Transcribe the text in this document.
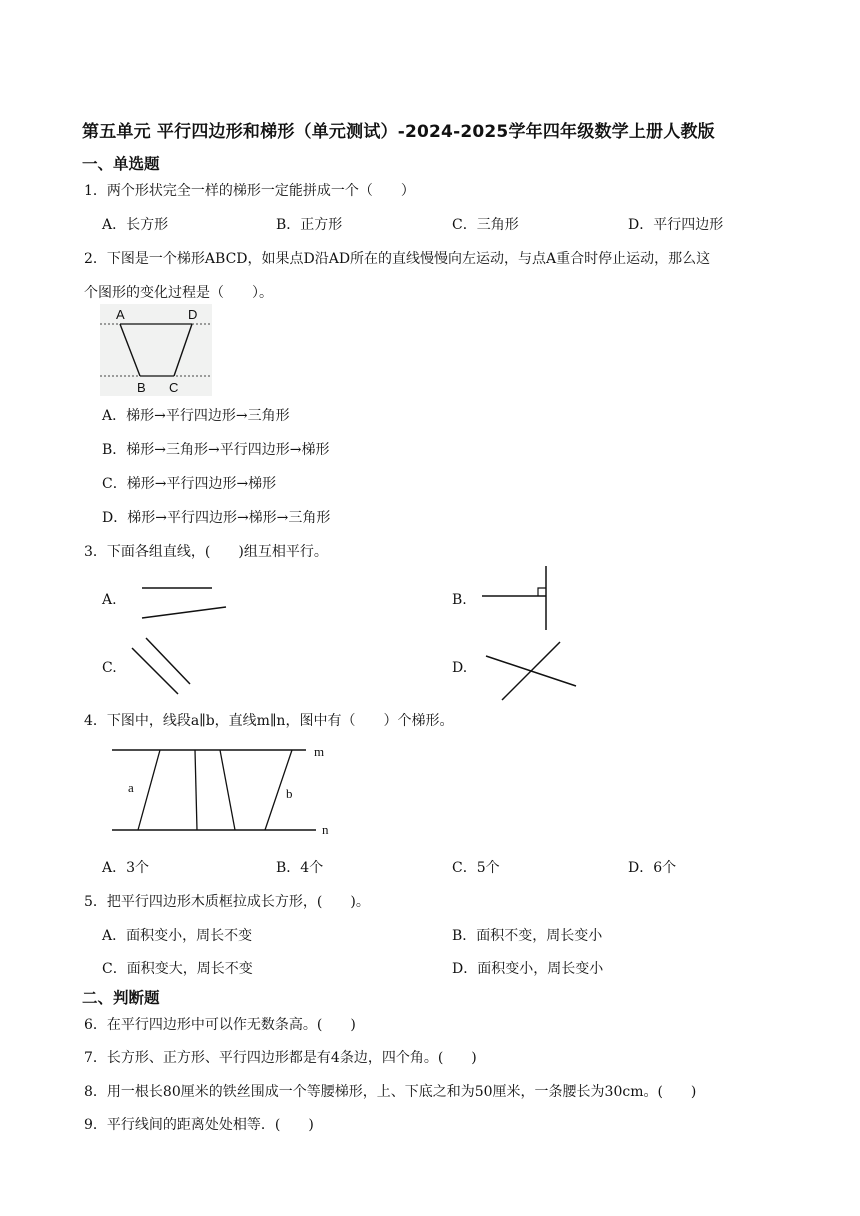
第五单元 平行四边形和梯形（单元测试）-2024-2025学年四年级数学上册人教版
一、单选题
1．两个形状完全一样的梯形一定能拼成一个（　　）
A．长方形	B．正方形	C．三角形	D．平行四边形
2．下图是一个梯形ABCD，如果点D沿AD所在的直线慢慢向左运动，与点A重合时停止运动，那么这
个图形的变化过程是（　　）。
A	D
B C
A．梯形→平行四边形→三角形
B．梯形→三角形→平行四边形→梯形
C．梯形→平行四边形→梯形
D．梯形→平行四边形→梯形→三角形
3．下面各组直线，(　　)组互相平行。
A.	B.
C.	D.
4．下图中，线段a∥b，直线m∥n，图中有（　　）个梯形。
m
n
a	b
A．3个	B．4个	C．5个	D．6个
5．把平行四边形木质框拉成长方形，(　　)。
A．面积变小，周长不变	B．面积不变，周长变小
C．面积变大，周长不变	D．面积变小，周长变小
二、判断题
6．在平行四边形中可以作无数条高。(　　)
7．长方形、正方形、平行四边形都是有4条边，四个角。(　　)
8．用一根长80厘米的铁丝围成一个等腰梯形，上、下底之和为50厘米，一条腰长为30cm。(　　)
9．平行线间的距离处处相等．(　　)
